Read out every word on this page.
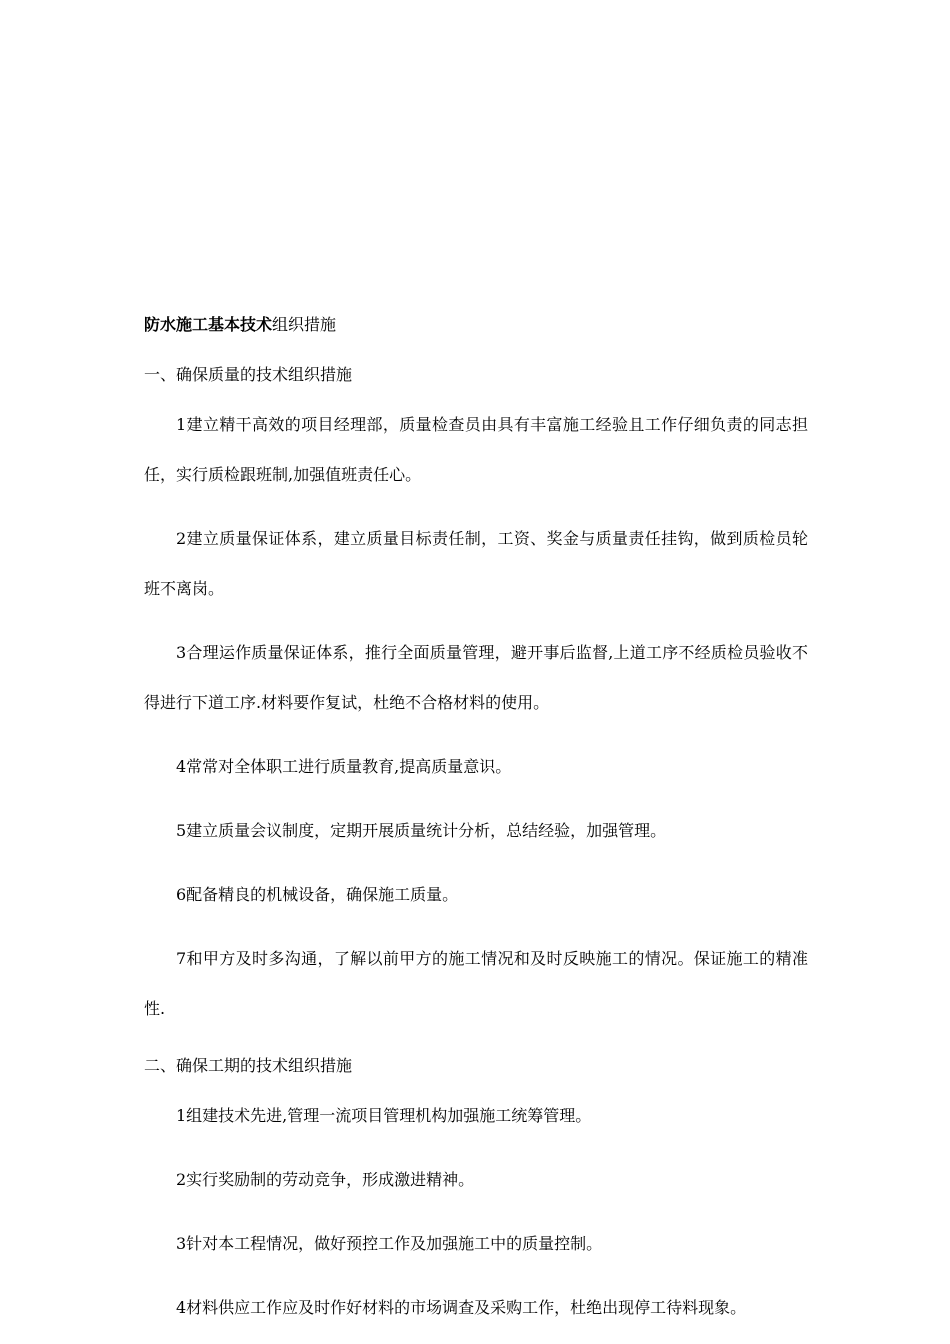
防水施工基本技术组织措施
一、确保质量的技术组织措施

1建立精干高效的项目经理部，质量检查员由具有丰富施工经验且工作仔细负责的同志担任，实行质检跟班制,加强值班责任心。

2建立质量保证体系，建立质量目标责任制，工资、奖金与质量责任挂钩，做到质检员轮班不离岗。

3合理运作质量保证体系，推行全面质量管理，避开事后监督,上道工序不经质检员验收不得进行下道工序.材料要作复试，杜绝不合格材料的使用。

4常常对全体职工进行质量教育,提高质量意识。

5建立质量会议制度，定期开展质量统计分析，总结经验，加强管理。

6配备精良的机械设备，确保施工质量。

7和甲方及时多沟通，了解以前甲方的施工情况和及时反映施工的情况。保证施工的精准性.

二、确保工期的技术组织措施

1组建技术先进,管理一流项目管理机构加强施工统筹管理。

2实行奖励制的劳动竞争，形成激进精神。

3针对本工程情况，做好预控工作及加强施工中的质量控制。

4材料供应工作应及时作好材料的市场调查及采购工作，杜绝出现停工待料现象。
